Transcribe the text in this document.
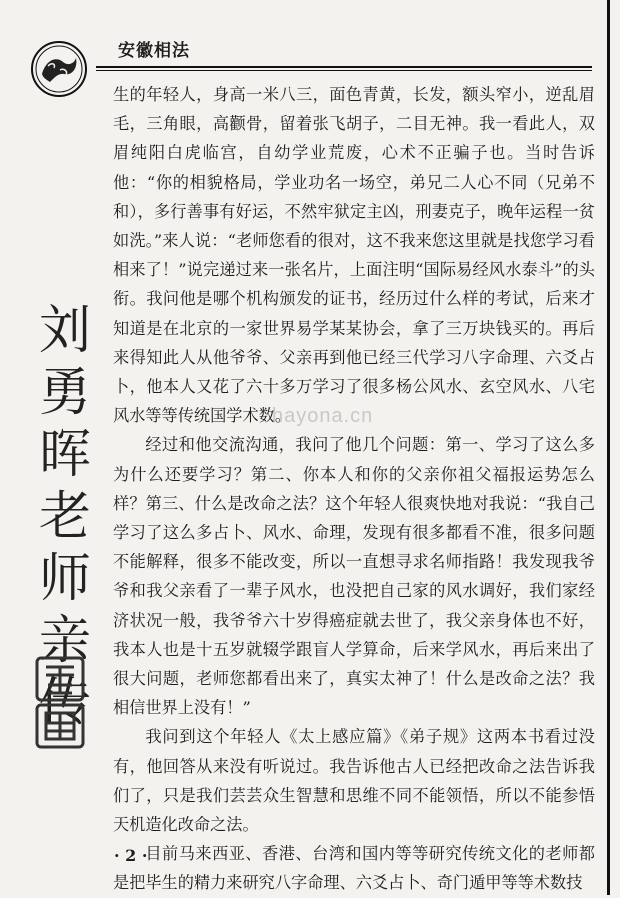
安徽相法
刘
勇
晖
老
师
亲
传

生的年轻人，身高一米八三，面色青黄，长发，额头窄小，逆乱眉毛，三角眼，高颧骨，留着张飞胡子，二目无神。我一看此人，双眉纯阳白虎临宫，自幼学业荒废，心术不正骗子也。当时告诉他：“你的相貌格局，学业功名一场空，弟兄二人心不同（兄弟不和），多行善事有好运，不然牢狱定主凶，刑妻克子，晚年运程一贫如洗。”来人说：“老师您看的很对，这不我来您这里就是找您学习看相来了！”说完递过来一张名片，上面注明“国际易经风水泰斗”的头衔。我问他是哪个机构颁发的证书，经历过什么样的考试，后来才知道是在北京的一家世界易学某某协会，拿了三万块钱买的。再后来得知此人从他爷爷、父亲再到他已经三代学习八字命理、六爻占卜，他本人又花了六十多万学习了很多杨公风水、玄空风水、八宅风水等等传统国学术数。

经过和他交流沟通，我问了他几个问题：第一、学习了这么多为什么还要学习？第二、你本人和你的父亲你祖父福报运势怎么样？第三、什么是改命之法？这个年轻人很爽快地对我说：“我自己学习了这么多占卜、风水、命理，发现有很多都看不准，很多问题不能解释，很多不能改变，所以一直想寻求名师指路！我发现我爷爷和我父亲看了一辈子风水，也没把自己家的风水调好，我们家经济状况一般，我爷爷六十岁得癌症就去世了，我父亲身体也不好，我本人也是十五岁就辍学跟盲人学算命，后来学风水，再后来出了很大问题，老师您都看出来了，真实太神了！什么是改命之法？我相信世界上没有！”

我问到这个年轻人《太上感应篇》《弟子规》这两本书看过没有，他回答从来没有听说过。我告诉他古人已经把改命之法告诉我们了，只是我们芸芸众生智慧和思维不同不能领悟，所以不能参悟天机造化改命之法。

目前马来西亚、香港、台湾和国内等等研究传统文化的老师都是把毕生的精力来研究八字命理、六爻占卜、奇门遁甲等等术数技

hayona.cn
· 2 ·
